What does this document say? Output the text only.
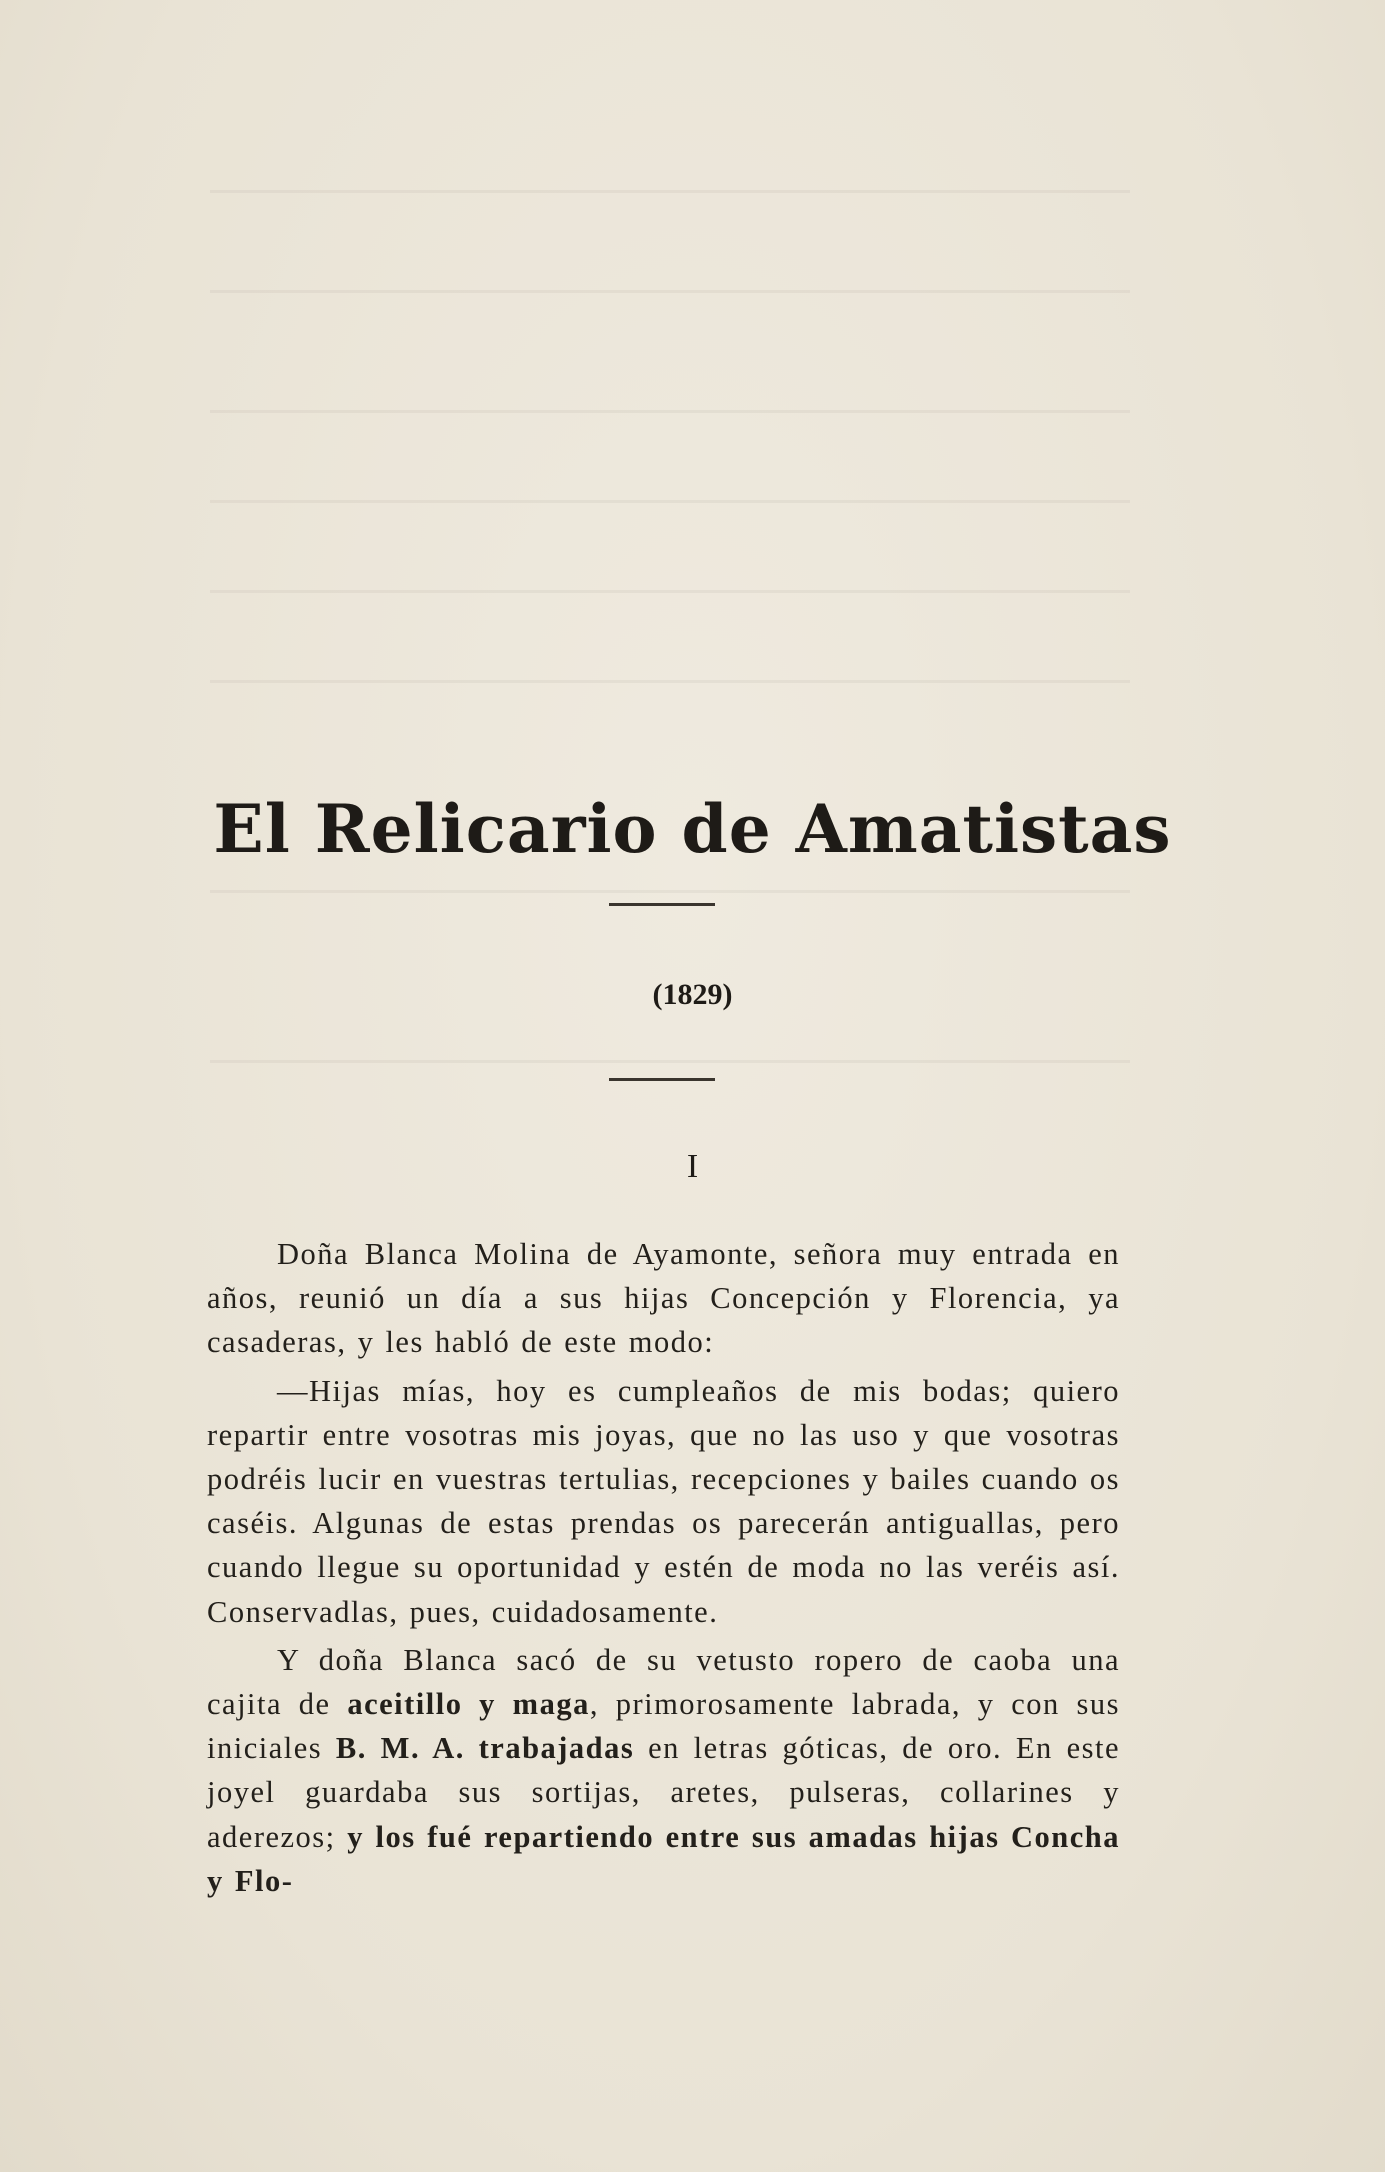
El Relicario de Amatistas
(1829)
I

Doña Blanca Molina de Ayamonte, señora muy entrada en años, reunió un día a sus hijas Concepción y Florencia, ya casaderas, y les habló de este modo:

—Hijas mías, hoy es cumpleaños de mis bodas; quiero repartir entre vosotras mis joyas, que no las uso y que vosotras podréis lucir en vuestras tertulias, recepciones y bailes cuando os caséis. Algunas de estas prendas os parecerán antiguallas, pero cuando llegue su oportunidad y estén de moda no las veréis así. Conservadlas, pues, cuidadosamente.

Y doña Blanca sacó de su vetusto ropero de caoba una cajita de aceitillo y maga, primorosamente labrada, y con sus iniciales B. M. A. trabajadas en letras góticas, de oro. En este joyel guardaba sus sortijas, aretes, pulseras, collarines y aderezos; y los fué repartiendo entre sus amadas hijas Concha y Flo-
